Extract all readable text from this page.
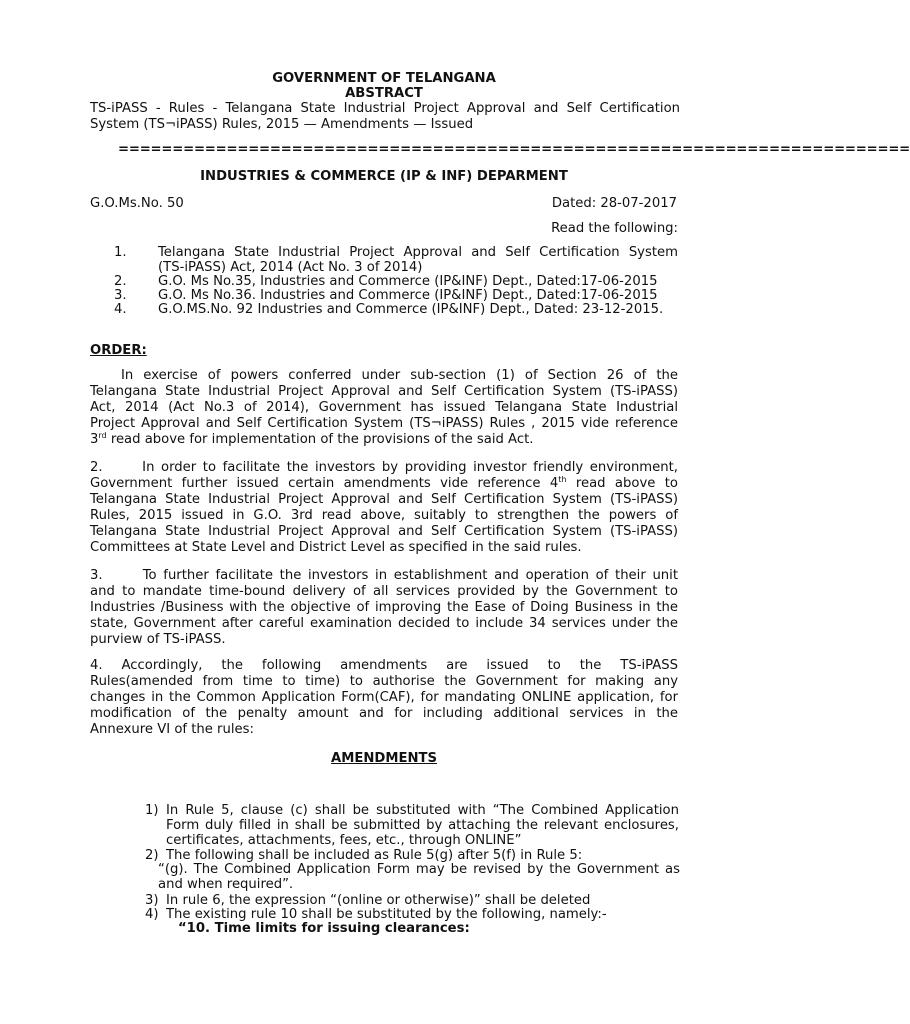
GOVERNMENT OF TELANGANA
ABSTRACT
TS-iPASS - Rules - Telangana State Industrial Project Approval and Self Certification
System (TS¬iPASS) Rules, 2015 — Amendments — Issued
=========================================================================
INDUSTRIES & COMMERCE (IP & INF) DEPARMENT
G.O.Ms.No. 50	Dated: 28-07-2017
Read the following:
1.	Telangana State Industrial Project Approval and Self Certification System
(TS-iPASS) Act, 2014 (Act No. 3 of 2014)
2.	G.O. Ms No.35, Industries and Commerce (IP&INF) Dept., Dated:17-06-2015
3.	G.O. Ms No.36. Industries and Commerce (IP&INF) Dept., Dated:17-06-2015
4.	G.O.MS.No. 92 Industries and Commerce (IP&INF) Dept., Dated: 23-12-2015.
ORDER:
In exercise of powers conferred under sub-section (1) of Section 26 of the
Telangana State Industrial Project Approval and Self Certification System (TS-iPASS)
Act, 2014 (Act No.3 of 2014), Government has issued Telangana State Industrial
Project Approval and Self Certification System (TS¬iPASS) Rules , 2015 vide reference
3rd read above for implementation of the provisions of the said Act.
2.      In order to facilitate the investors by providing investor friendly environment,
Government further issued certain amendments vide reference 4th read above to
Telangana State Industrial Project Approval and Self Certification System (TS-iPASS)
Rules, 2015 issued in G.O. 3rd read above, suitably to strengthen the powers of
Telangana State Industrial Project Approval and Self Certification System (TS-iPASS)
Committees at State Level and District Level as specified in the said rules.
3.      To further facilitate the investors in establishment and operation of their unit
and to mandate time-bound delivery of all services provided by the Government to
Industries /Business with the objective of improving the Ease of Doing Business in the
state, Government after careful examination decided to include 34 services under the
purview of TS-iPASS.
4. Accordingly, the following amendments are issued to the TS-iPASS
Rules(amended from time to time) to authorise the Government for making any
changes in the Common Application Form(CAF), for mandating ONLINE application, for
modification of the penalty amount and for including additional services in the
Annexure VI of the rules:
AMENDMENTS
1) In Rule 5, clause (c) shall be substituted with “The Combined Application
Form duly filled in shall be submitted by attaching the relevant enclosures,
certificates, attachments, fees, etc., through ONLINE”
2) The following shall be included as Rule 5(g) after 5(f) in Rule 5:
“(g). The Combined Application Form may be revised by the Government as
and when required”.
3) In rule 6, the expression “(online or otherwise)” shall be deleted
4) The existing rule 10 shall be substituted by the following, namely:-
“10. Time limits for issuing clearances:
